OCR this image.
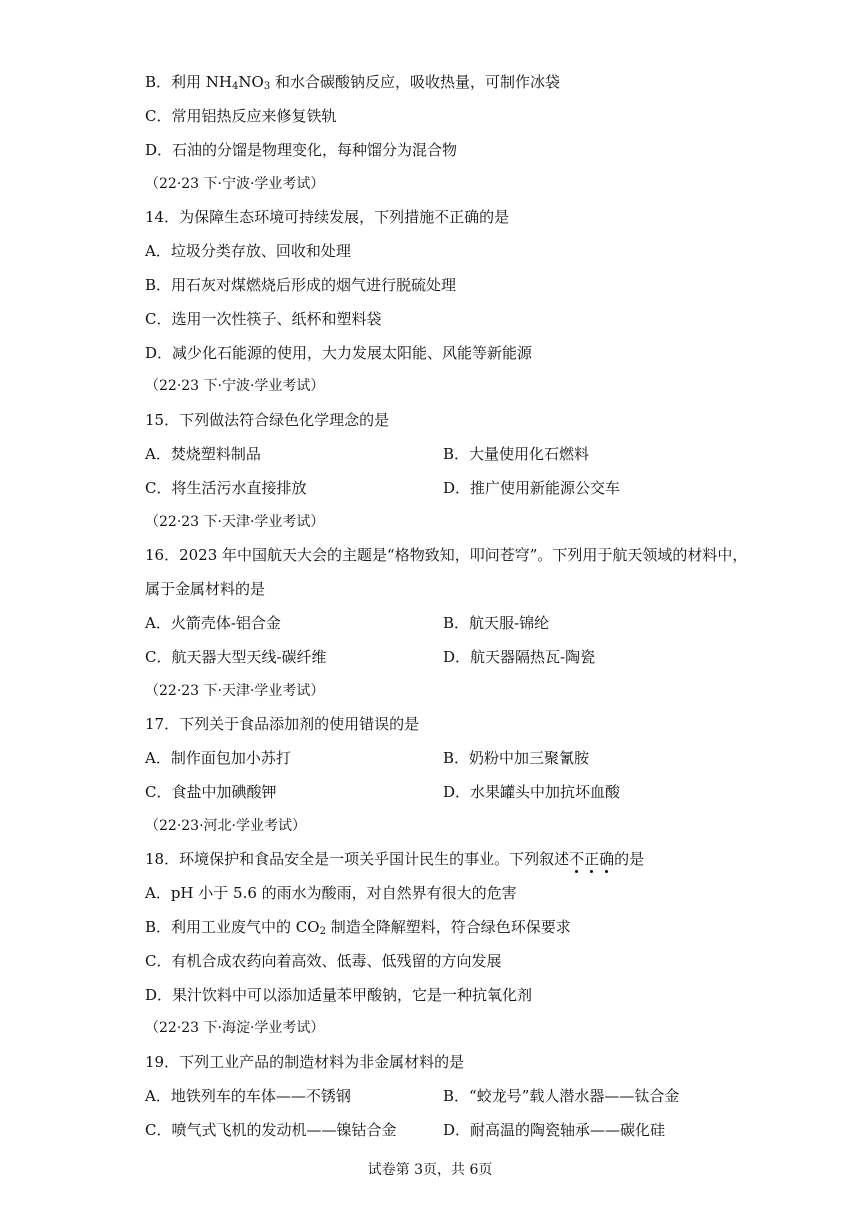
B．利用 $NH_4NO_3$ 和水合碳酸钠反应，吸收热量，可制作冰袋
C．常用铝热反应来修复铁轨
D．石油的分馏是物理变化，每种馏分为混合物
（22·23 下·宁波·学业考试）
14．为保障生态环境可持续发展，下列措施不正确的是
A．垃圾分类存放、回收和处理
B．用石灰对煤燃烧后形成的烟气进行脱硫处理
C．选用一次性筷子、纸杯和塑料袋
D．减少化石能源的使用，大力发展太阳能、风能等新能源
（22·23 下·宁波·学业考试）
15．下列做法符合绿色化学理念的是
A．焚烧塑料制品	B．大量使用化石燃料
C．将生活污水直接排放	D．推广使用新能源公交车
（22·23 下·天津·学业考试）
16．2023 年中国航天大会的主题是“格物致知，叩问苍穹”。下列用于航天领域的材料中，
属于金属材料的是
A．火箭壳体-铝合金	B．航天服-锦纶
C．航天器大型天线-碳纤维	D．航天器隔热瓦-陶瓷
（22·23 下·天津·学业考试）
17．下列关于食品添加剂的使用错误的是
A．制作面包加小苏打	B．奶粉中加三聚氰胺
C．食盐中加碘酸钾	D．水果罐头中加抗坏血酸
（22·23·河北·学业考试）
18．环境保护和食品安全是一项关乎国计民生的事业。下列叙述不正确
的是
A．pH 小于 5.6 的雨水为酸雨，对自然界有很大的危害
B．利用工业废气中的 $CO_2$ 制造全降解塑料，符合绿色环保要求
C．有机合成农药向着高效、低毒、低残留的方向发展
D．果汁饮料中可以添加适量苯甲酸钠，它是一种抗氧化剂
（22·23 下·海淀·学业考试）
19．下列工业产品的制造材料为非金属材料的是
A．地铁列车的车体——不锈钢	B．“蛟龙号”载人潜水器——钛合金
C．喷气式飞机的发动机——镍钴合金	D．耐高温的陶瓷轴承——碳化硅
试卷第 3页，共 6页
